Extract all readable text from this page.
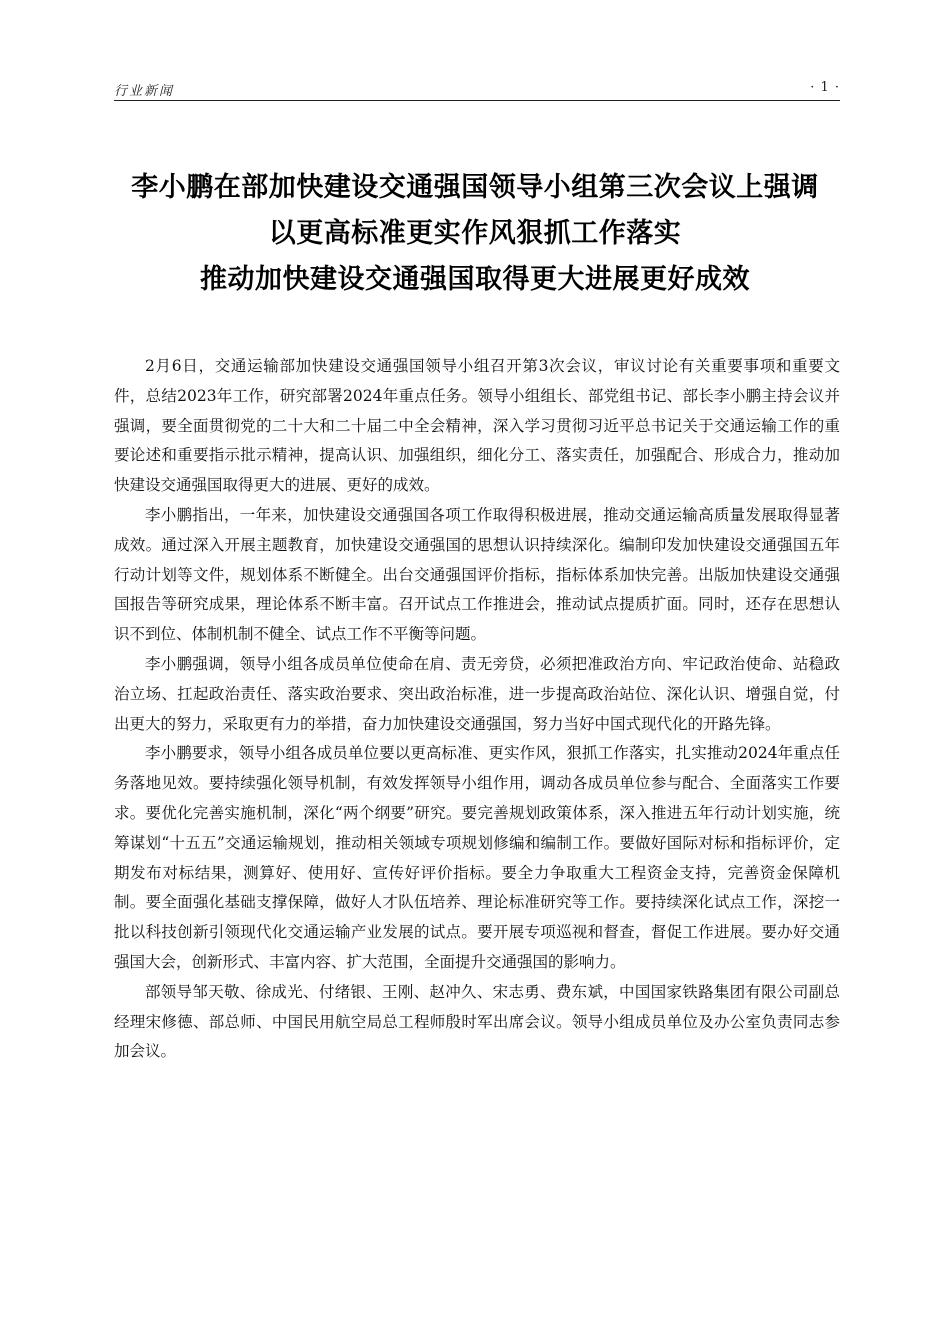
行业新闻	· 1 ·
李小鹏在部加快建设交通强国领导小组第三次会议上强调
以更高标准更实作风狠抓工作落实
推动加快建设交通强国取得更大进展更好成效

2月6日，交通运输部加快建设交通强国领导小组召开第3次会议，审议讨论有关重要事项和重要文件，总结2023年工作，研究部署2024年重点任务。领导小组组长、部党组书记、部长李小鹏主持会议并强调，要全面贯彻党的二十大和二十届二中全会精神，深入学习贯彻习近平总书记关于交通运输工作的重要论述和重要指示批示精神，提高认识、加强组织，细化分工、落实责任，加强配合、形成合力，推动加快建设交通强国取得更大的进展、更好的成效。

李小鹏指出，一年来，加快建设交通强国各项工作取得积极进展，推动交通运输高质量发展取得显著成效。通过深入开展主题教育，加快建设交通强国的思想认识持续深化。编制印发加快建设交通强国五年行动计划等文件，规划体系不断健全。出台交通强国评价指标，指标体系加快完善。出版加快建设交通强国报告等研究成果，理论体系不断丰富。召开试点工作推进会，推动试点提质扩面。同时，还存在思想认识不到位、体制机制不健全、试点工作不平衡等问题。

李小鹏强调，领导小组各成员单位使命在肩、责无旁贷，必须把准政治方向、牢记政治使命、站稳政治立场、扛起政治责任、落实政治要求、突出政治标准，进一步提高政治站位、深化认识、增强自觉，付出更大的努力，采取更有力的举措，奋力加快建设交通强国，努力当好中国式现代化的开路先锋。

李小鹏要求，领导小组各成员单位要以更高标准、更实作风，狠抓工作落实，扎实推动2024年重点任务落地见效。要持续强化领导机制，有效发挥领导小组作用，调动各成员单位参与配合、全面落实工作要求。要优化完善实施机制，深化“两个纲要”研究。要完善规划政策体系，深入推进五年行动计划实施，统筹谋划“十五五”交通运输规划，推动相关领域专项规划修编和编制工作。要做好国际对标和指标评价，定期发布对标结果，测算好、使用好、宣传好评价指标。要全力争取重大工程资金支持，完善资金保障机制。要全面强化基础支撑保障，做好人才队伍培养、理论标准研究等工作。要持续深化试点工作，深挖一批以科技创新引领现代化交通运输产业发展的试点。要开展专项巡视和督查，督促工作进展。要办好交通强国大会，创新形式、丰富内容、扩大范围，全面提升交通强国的影响力。

部领导邹天敬、徐成光、付绪银、王刚、赵冲久、宋志勇、费东斌，中国国家铁路集团有限公司副总经理宋修德、部总师、中国民用航空局总工程师殷时军出席会议。领导小组成员单位及办公室负责同志参加会议。
